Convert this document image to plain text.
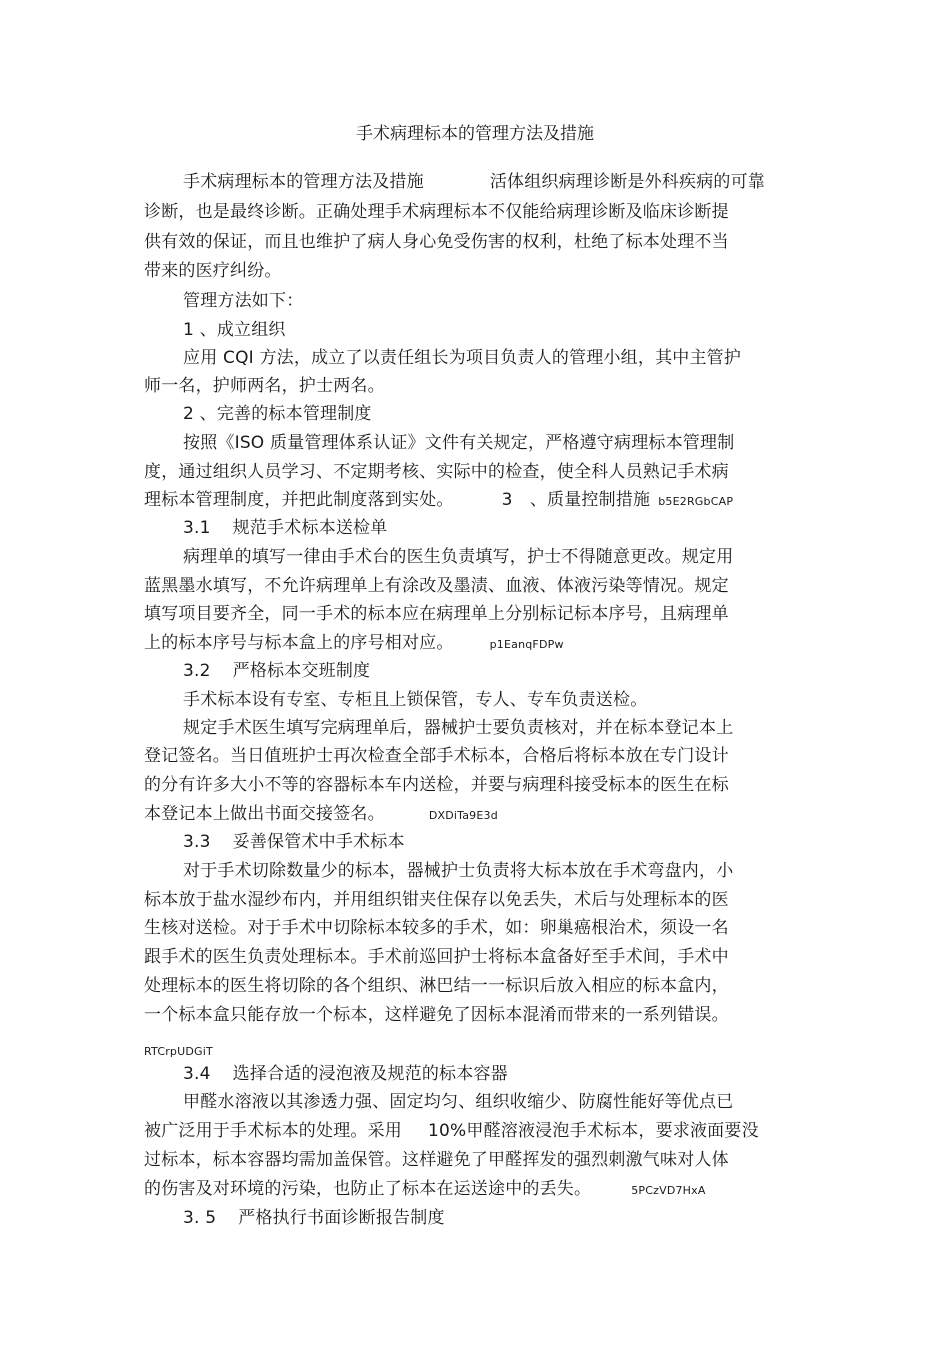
手术病理标本的管理方法及措施
手术病理标本的管理方法及措施	活体组织病理诊断是外科疾病的可靠
诊断，也是最终诊断。正确处理手术病理标本不仅能给病理诊断及临床诊断提
供有效的保证，而且也维护了病人身心免受伤害的权利，杜绝了标本处理不当
带来的医疗纠纷。
管理方法如下：
1 、成立组织
应用 CQI 方法，成立了以责任组长为项目负责人的管理小组，其中主管护
师一名，护师两名，护士两名。
2 、完善的标本管理制度
按照《ISO 质量管理体系认证》文件有关规定，严格遵守病理标本管理制
度，通过组织人员学习、不定期考核、实际中的检查，使全科人员熟记手术病
理标本管理制度，并把此制度落到实处。	3　、质量控制措施 b5E2RGbCAP
3.1 规范手术标本送检单
病理单的填写一律由手术台的医生负责填写，护士不得随意更改。规定用
蓝黑墨水填写，不允许病理单上有涂改及墨渍、血液、体液污染等情况。规定
填写项目要齐全，同一手术的标本应在病理单上分别标记标本序号，且病理单
上的标本序号与标本盒上的序号相对应。	p1EanqFDPw
3.2 严格标本交班制度
手术标本设有专室、专柜且上锁保管，专人、专车负责送检。
规定手术医生填写完病理单后，器械护士要负责核对，并在标本登记本上
登记签名。当日值班护士再次检查全部手术标本，合格后将标本放在专门设计
的分有许多大小不等的容器标本车内送检，并要与病理科接受标本的医生在标
本登记本上做出书面交接签名。	DXDiTa9E3d
3.3 妥善保管术中手术标本
对于手术切除数量少的标本，器械护士负责将大标本放在手术弯盘内，小
标本放于盐水湿纱布内，并用组织钳夹住保存以免丢失，术后与处理标本的医
生核对送检。对于手术中切除标本较多的手术，如：卵巢癌根治术，须设一名
跟手术的医生负责处理标本。手术前巡回护士将标本盒备好至手术间，手术中
处理标本的医生将切除的各个组织、淋巴结一一标识后放入相应的标本盒内，
一个标本盒只能存放一个标本，这样避免了因标本混淆而带来的一系列错误。
RTCrpUDGiT
3.4 选择合适的浸泡液及规范的标本容器
甲醛水溶液以其渗透力强、固定均匀、组织收缩少、防腐性能好等优点已
被广泛用于手术标本的处理。采用 10%甲醛溶液浸泡手术标本，要求液面要没
过标本，标本容器均需加盖保管。这样避免了甲醛挥发的强烈刺激气味对人体
的伤害及对环境的污染，也防止了标本在运送途中的丢失。	5PCzVD7HxA
3. 5 严格执行书面诊断报告制度
